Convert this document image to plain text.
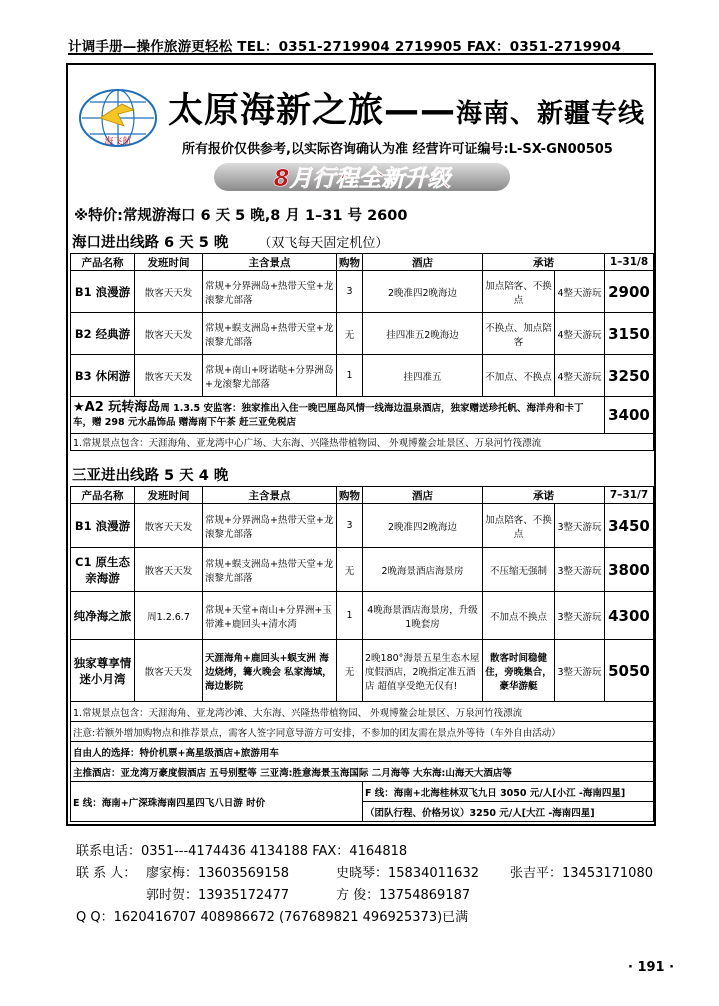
计调手册—操作旅游更轻松 TEL：0351-2719904 2719905 FAX：0351-2719904
海飞航
太原海新之旅——海南、新疆专线
所有报价仅供参考,以实际咨询确认为准 经营许可证编号:L-SX-GN00505
8月行程全新升级
※特价:常规游海口 6 天 5 晚,8 月 1–31 号 2600
海口进出线路 6 天 5 晚 （双飞每天固定机位）
产品名称	发班时间	主含景点	购物	酒店	承诺		1–31/8
B1 浪漫游	散客天天发	常规+分界洲岛+热带天堂+龙滚黎尤部落	3	2晚准四2晚海边	加点陪客、不换点	4整天游玩	2900
B2 经典游	散客天天发	常规+蜈支洲岛+热带天堂+龙滚黎尤部落	无	挂四准五2晚海边	不换点、加点陪客	4整天游玩	3150
B3 休闲游	散客天天发	常规+南山+呀诺哒+分界洲岛+龙滚黎尤部落	1	挂四准五	不加点、不换点	4整天游玩	3250
★A2 玩转海岛周 1.3.5 安监客：独家推出入住一晚巴厘岛风情一线海边温泉酒店，独家赠送珍托帆、海洋舟和卡丁车，赠 298 元水晶饰品 赠海南下午茶 赶三亚免税店							3400
1.常规景点包含：天涯海角、亚龙湾中心广场、大东海、兴隆热带植物园、 外观博鳌会址景区、万泉河竹筏漂流							
三亚进出线路 5 天 4 晚
产品名称	发班时间	主含景点	购物	酒店	承诺		7–31/7
B1 浪漫游	散客天天发	常规+分界洲岛+热带天堂+龙滚黎尤部落	3	2晚准四2晚海边	加点陪客、不换点	3整天游玩	3450
C1 原生态亲海游	散客天天发	常规+蜈支洲岛+热带天堂+龙滚黎尤部落	无	2晚海景酒店海景房	不压缩无强制	3整天游玩	3800
纯净海之旅	周1.2.6.7	常规+天堂+南山+分界洲+玉带滩+鹿回头+清水湾	1	4晚海景酒店海景房，升级1晚套房	不加点不换点	3整天游玩	4300
独家尊享情迷小月湾	散客天天发	天涯海角+鹿回头+蜈支洲 海边烧烤，篝火晚会 私家海域，海边影院	无	2晚180°海景五星生态木屋度假酒店，2晚指定准五酒店 超值享受绝无仅有!	散客时间稳健住，旁晚集合，豪华游艇	3整天游玩	5050
1.常规景点包含：天涯海角、亚龙湾沙滩、大东海、兴隆热带植物园、 外观博鳌会址景区、万泉河竹筏漂流							
注意:若额外增加购物点和推荐景点，需客人签字同意导游方可安排，不参加的团友需在景点外等待（车外自由活动）							
自由人的选择：特价机票+高星级酒店+旅游用车							
主推酒店：亚龙湾万豪度假酒店 五号别墅等 三亚湾:胜意海景玉海国际 二月海等 大东海:山海天大酒店等							
E 线：海南+广深珠海南四星四飞八日游 时价				F 线：海南+北海桂林双飞九日 3050 元/人[小江 -海南四星]			
				（团队行程、价格另议）3250 元/人[大江 -海南四星]			
联系电话：0351---4174436 4134188 FAX：4164818
联 系 人： 廖家梅：13603569158	史晓琴：15834011632 张吉平：13453171080
郭时贺：13935172477	方 俊：13754869187
Q Q：1620416707 408986672 (767689821 496925373)已满
· 191 ·
